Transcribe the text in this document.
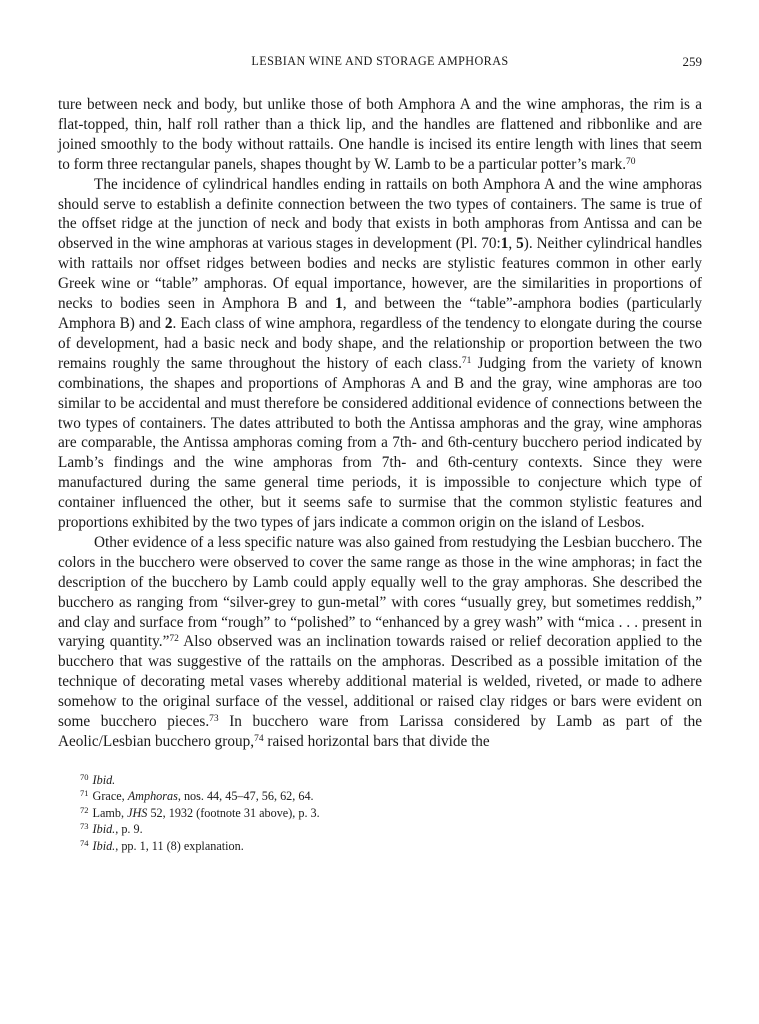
LESBIAN WINE AND STORAGE AMPHORAS	259

ture between neck and body, but unlike those of both Amphora A and the wine amphoras, the rim is a flat-topped, thin, half roll rather than a thick lip, and the handles are flattened and ribbonlike and are joined smoothly to the body without rattails. One handle is incised its entire length with lines that seem to form three rectangular panels, shapes thought by W. Lamb to be a particular potter’s mark.$^{70}$

The incidence of cylindrical handles ending in rattails on both Amphora A and the wine amphoras should serve to establish a definite connection between the two types of containers. The same is true of the offset ridge at the junction of neck and body that exists in both amphoras from Antissa and can be observed in the wine amphoras at various stages in development (Pl. 70:1, 5). Neither cylindrical handles with rattails nor offset ridges between bodies and necks are stylistic features common in other early Greek wine or “table” amphoras. Of equal importance, however, are the similarities in proportions of necks to bodies seen in Amphora B and 1, and between the “table”-amphora bodies (particularly Amphora B) and 2. Each class of wine amphora, regardless of the tendency to elongate during the course of development, had a basic neck and body shape, and the relationship or proportion between the two remains roughly the same throughout the history of each class.$^{71}$ Judging from the variety of known combinations, the shapes and proportions of Amphoras A and B and the gray, wine amphoras are too similar to be accidental and must therefore be considered additional evidence of connections between the two types of containers. The dates attributed to both the Antissa amphoras and the gray, wine amphoras are comparable, the Antissa amphoras coming from a 7th- and 6th-century bucchero period indicated by Lamb’s findings and the wine amphoras from 7th- and 6th-century contexts. Since they were manufactured during the same general time periods, it is impossible to conjecture which type of container influenced the other, but it seems safe to surmise that the common stylistic features and proportions exhibited by the two types of jars indicate a common origin on the island of Lesbos.

Other evidence of a less specific nature was also gained from restudying the Lesbian bucchero. The colors in the bucchero were observed to cover the same range as those in the wine amphoras; in fact the description of the bucchero by Lamb could apply equally well to the gray amphoras. She described the bucchero as ranging from “silver-grey to gun-metal” with cores “usually grey, but sometimes reddish,” and clay and surface from “rough” to “polished” to “enhanced by a grey wash” with “mica . . . present in varying quantity.”$^{72}$ Also observed was an inclination towards raised or relief decoration applied to the bucchero that was suggestive of the rattails on the amphoras. Described as a possible imitation of the technique of decorating metal vases whereby additional material is welded, riveted, or made to adhere somehow to the original surface of the vessel, additional or raised clay ridges or bars were evident on some bucchero pieces.$^{73}$ In bucchero ware from Larissa considered by Lamb as part of the Aeolic/Lesbian bucchero group,$^{74}$ raised horizontal bars that divide the

$^{70}$ Ibid.
$^{71}$ Grace, Amphoras, nos. 44, 45–47, 56, 62, 64.
$^{72}$ Lamb, JHS 52, 1932 (footnote 31 above), p. 3.
$^{73}$ Ibid., p. 9.
$^{74}$ Ibid., pp. 1, 11 (8) explanation.
